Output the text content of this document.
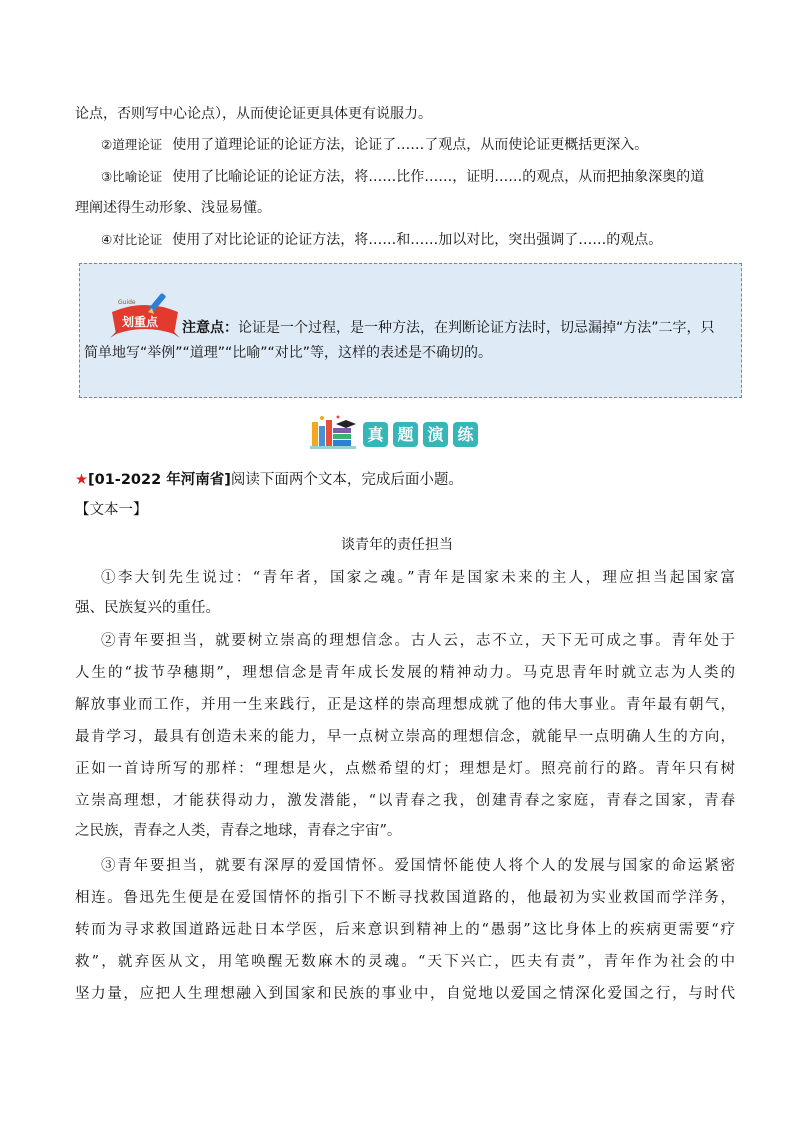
论点，否则写中心论点），从而使论证更具体更有说服力。
②道理论证 使用了道理论证的论证方法，论证了……了观点，从而使论证更概括更深入。
③比喻论证 使用了比喻论证的论证方法，将……比作……，证明……的观点，从而把抽象深奥的道
理阐述得生动形象、浅显易懂。
④对比论证 使用了对比论证的论证方法，将……和……加以对比，突出强调了……的观点。
Guide
划重点 注意点：论证是一个过程，是一种方法，在判断论证方法时，切忌漏掉“方法”二字，只
简单地写“举例”“道理”“比喻”“对比”等，这样的表述是不确切的。
真 题 演 练
★[01-2022 年河南省]阅读下面两个文本，完成后面小题。
【文本一】
谈青年的责任担当
①李大钊先生说过：“青年者，国家之魂。”青年是国家未来的主人，理应担当起国家富
强、民族复兴的重任。
②青年要担当，就要树立崇高的理想信念。古人云，志不立，天下无可成之事。青年处于
人生的“拔节孕穗期”，理想信念是青年成长发展的精神动力。马克思青年时就立志为人类的
解放事业而工作，并用一生来践行，正是这样的崇高理想成就了他的伟大事业。青年最有朝气，
最肯学习，最具有创造未来的能力，早一点树立崇高的理想信念，就能早一点明确人生的方向，
正如一首诗所写的那样：“理想是火，点燃希望的灯；理想是灯。照亮前行的路。青年只有树
立崇高理想，才能获得动力，激发潜能，“以青春之我，创建青春之家庭，青春之国家，青春
之民族，青春之人类，青春之地球，青春之宇宙”。
③青年要担当，就要有深厚的爱国情怀。爱国情怀能使人将个人的发展与国家的命运紧密
相连。鲁迅先生便是在爱国情怀的指引下不断寻找救国道路的，他最初为实业救国而学洋务，
转而为寻求救国道路远赴日本学医，后来意识到精神上的“愚弱”这比身体上的疾病更需要“疗
救”，就弃医从文，用笔唤醒无数麻木的灵魂。“天下兴亡，匹夫有责”，青年作为社会的中
坚力量，应把人生理想融入到国家和民族的事业中，自觉地以爱国之情深化爱国之行，与时代
